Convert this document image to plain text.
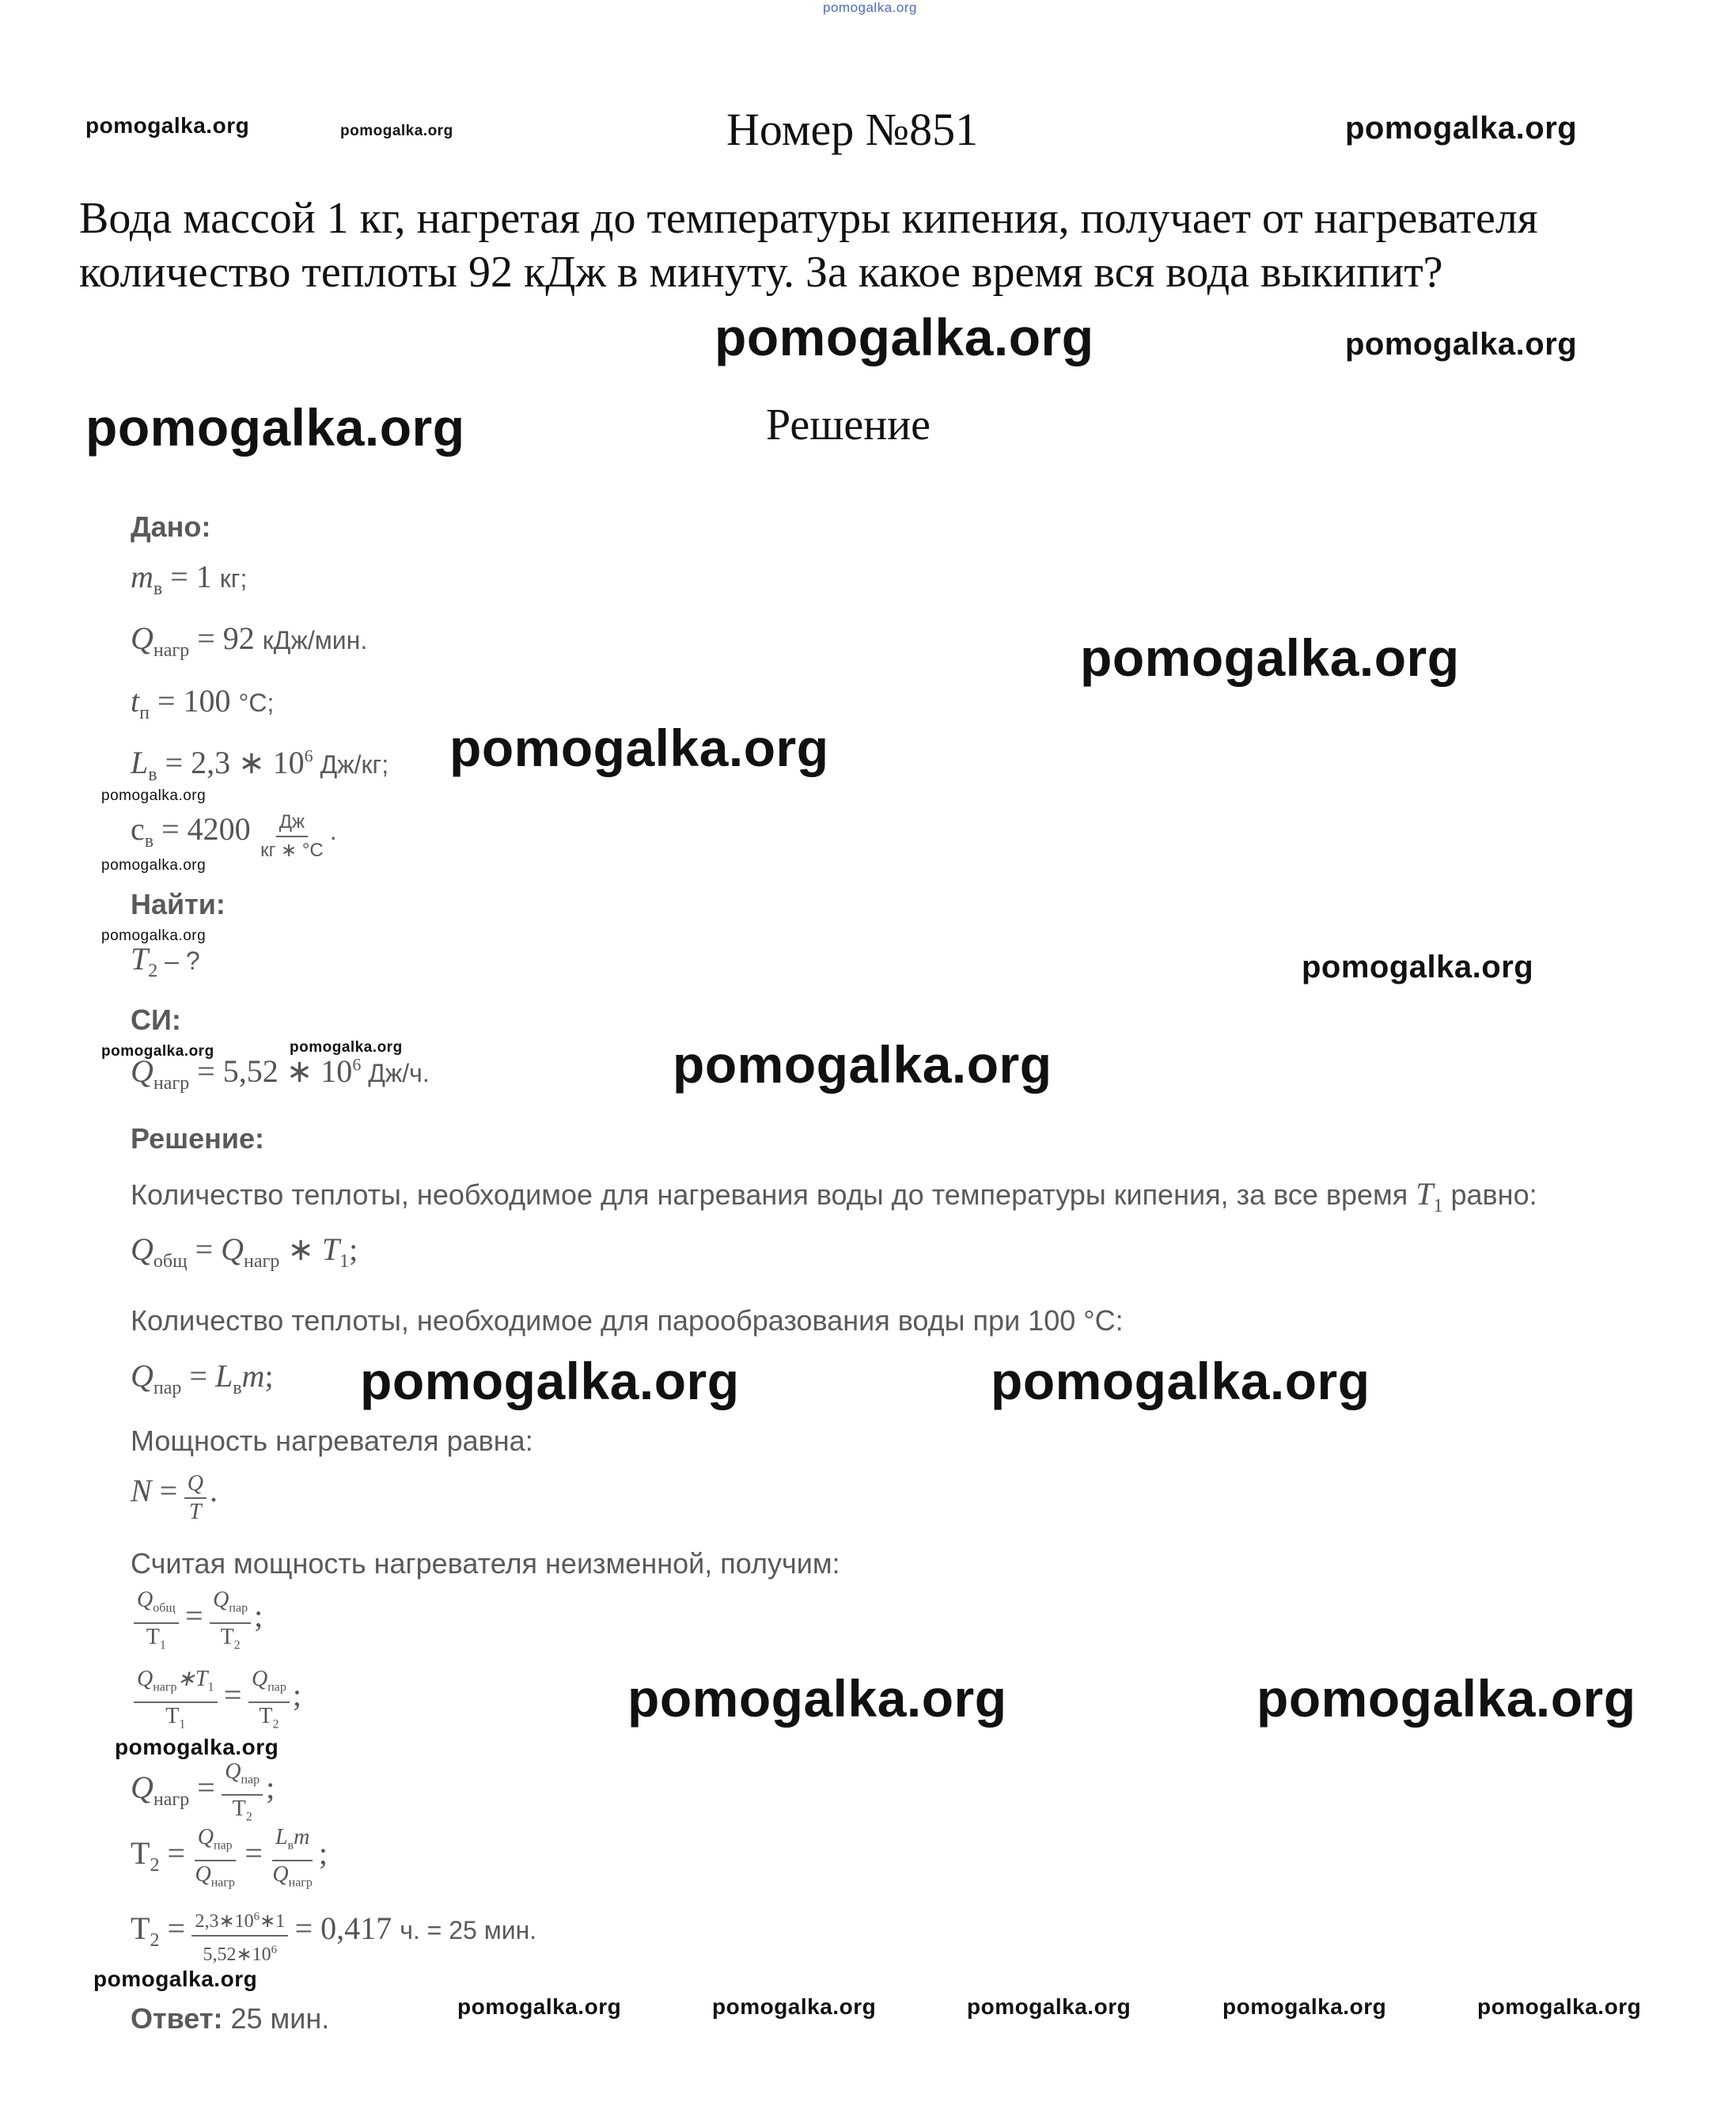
pomogalka.org
pomogalka.org	pomogalka.org	Номер №851	pomogalka.org
Вода массой 1 кг, нагретая до температуры кипения, получает от нагревателя количество теплоты 92 кДж в минуту. За какое время вся вода выкипит?
pomogalka.org	pomogalka.org
pomogalka.org	Решение
Дано:
$m_в = 1$ кг;
$Q_{нагр} = 92$ кДж/мин.
$t_п = 100$ °С;
$L_в = 2,3$ ∗ $10^6$ Дж/кг;
$c_в = 4200 \frac{Дж}{кг ∗ ^\circ С}$ .
pomogalka.org
pomogalka.org
pomogalka.org
pomogalka.org
Найти:
pomogalka.org
$T_2$ – ?	pomogalka.org
СИ:
pomogalka.org	pomogalka.org
$Q_{нагр} = 5,52$ ∗ $10^6$ Дж/ч.	pomogalka.org
Решение:
Количество теплоты, необходимое для нагревания воды до температуры кипения, за все время $T_1$ равно:
$Q_{общ} = Q_{нагр}$ ∗ $T_1$;
Количество теплоты, необходимое для парообразования воды при 100 °С:
$Q_{пар} = L_вm$; pomogalka.org	pomogalka.org
Мощность нагревателя равна:
$N = \frac{Q}{T}$ .
Считая мощность нагревателя неизменной, получим:
$\frac{Q_{общ}}{T_1} = \frac{Q_{пар}}{T_2}$ ;
$\frac{Q_{нагр}∗T_1}{T_1} = \frac{Q_{пар}}{T_2}$ ;	pomogalka.org	pomogalka.org
pomogalka.org
$Q_{нагр} = \frac{Q_{пар}}{T_2}$ ;
$T_2 = \frac{Q_{пар}}{Q_{нагр}} = \frac{L_вm}{Q_{нагр}}$ ;
$T_2 = \frac{2,3∗10^6∗1}{5,52∗10^6} = 0,417$ ч. = 25 мин.
pomogalka.org
Ответ: 25 мин.	pomogalka.org	pomogalka.org	pomogalka.org	pomogalka.org	pomogalka.org
